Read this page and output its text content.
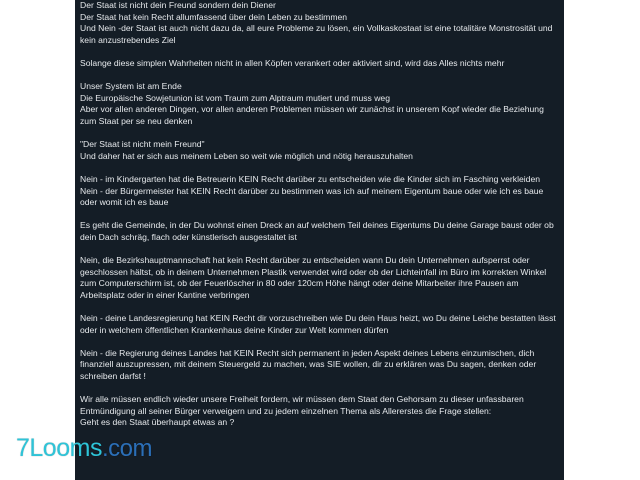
Der Staat ist nicht dein Freund sondern dein Diener
Der Staat hat kein Recht allumfassend über dein Leben zu bestimmen
Und Nein -der Staat ist auch nicht dazu da, all eure Probleme zu lösen, ein Vollkaskostaat ist eine totalitäre Monstrosität und kein anzustrebendes Ziel

Solange diese simplen Wahrheiten nicht in allen Köpfen verankert oder aktiviert sind, wird das Alles nichts mehr

Unser System ist am Ende
Die Europäische Sowjetunion ist vom Traum zum Alptraum mutiert und muss weg
Aber vor allen anderen Dingen, vor allen anderen Problemen müssen wir zunächst in unserem Kopf wieder die Beziehung zum Staat per se neu denken

"Der Staat ist nicht mein Freund"
Und daher hat er sich aus meinem Leben so weit wie möglich und nötig herauszuhalten

Nein - im Kindergarten hat die Betreuerin KEIN Recht darüber zu entscheiden wie die Kinder sich im Fasching verkleiden
Nein - der Bürgermeister hat KEIN Recht darüber zu bestimmen was ich auf meinem Eigentum baue oder wie ich es baue oder womit ich es baue

Es geht die Gemeinde, in der Du wohnst einen Dreck an auf welchem Teil deines Eigentums Du deine Garage baust oder ob dein Dach schräg, flach oder künstlerisch ausgestaltet ist

Nein, die Bezirkshauptmannschaft hat kein Recht darüber zu entscheiden wann Du dein Unternehmen aufsperrst oder geschlossen hältst, ob in deinem Unternehmen Plastik verwendet wird oder ob der Lichteinfall im Büro im korrekten Winkel zum Computerschirm ist, ob der Feuerlöscher in 80 oder 120cm Höhe hängt oder deine Mitarbeiter ihre Pausen am Arbeitsplatz oder in einer Kantine verbringen

Nein - deine Landesregierung hat KEIN Recht dir vorzuschreiben wie Du dein Haus heizt, wo Du deine Leiche bestatten lässt oder in welchem öffentlichen Krankenhaus deine Kinder zur Welt kommen dürfen

Nein - die Regierung deines Landes hat KEIN Recht sich permanent in jeden Aspekt deines Lebens einzumischen, dich finanziell auszupressen, mit deinem Steuergeld zu machen, was SIE wollen, dir zu erklären was Du sagen, denken oder schreiben darfst !

Wir alle müssen endlich wieder unsere Freiheit fordern, wir müssen dem Staat den Gehorsam zu dieser unfassbaren Entmündigung all seiner Bürger verweigern und zu jedem einzelnen Thema als Allererstes die Frage stellen:
Geht es den Staat überhaupt etwas an ?

7Looms .com
